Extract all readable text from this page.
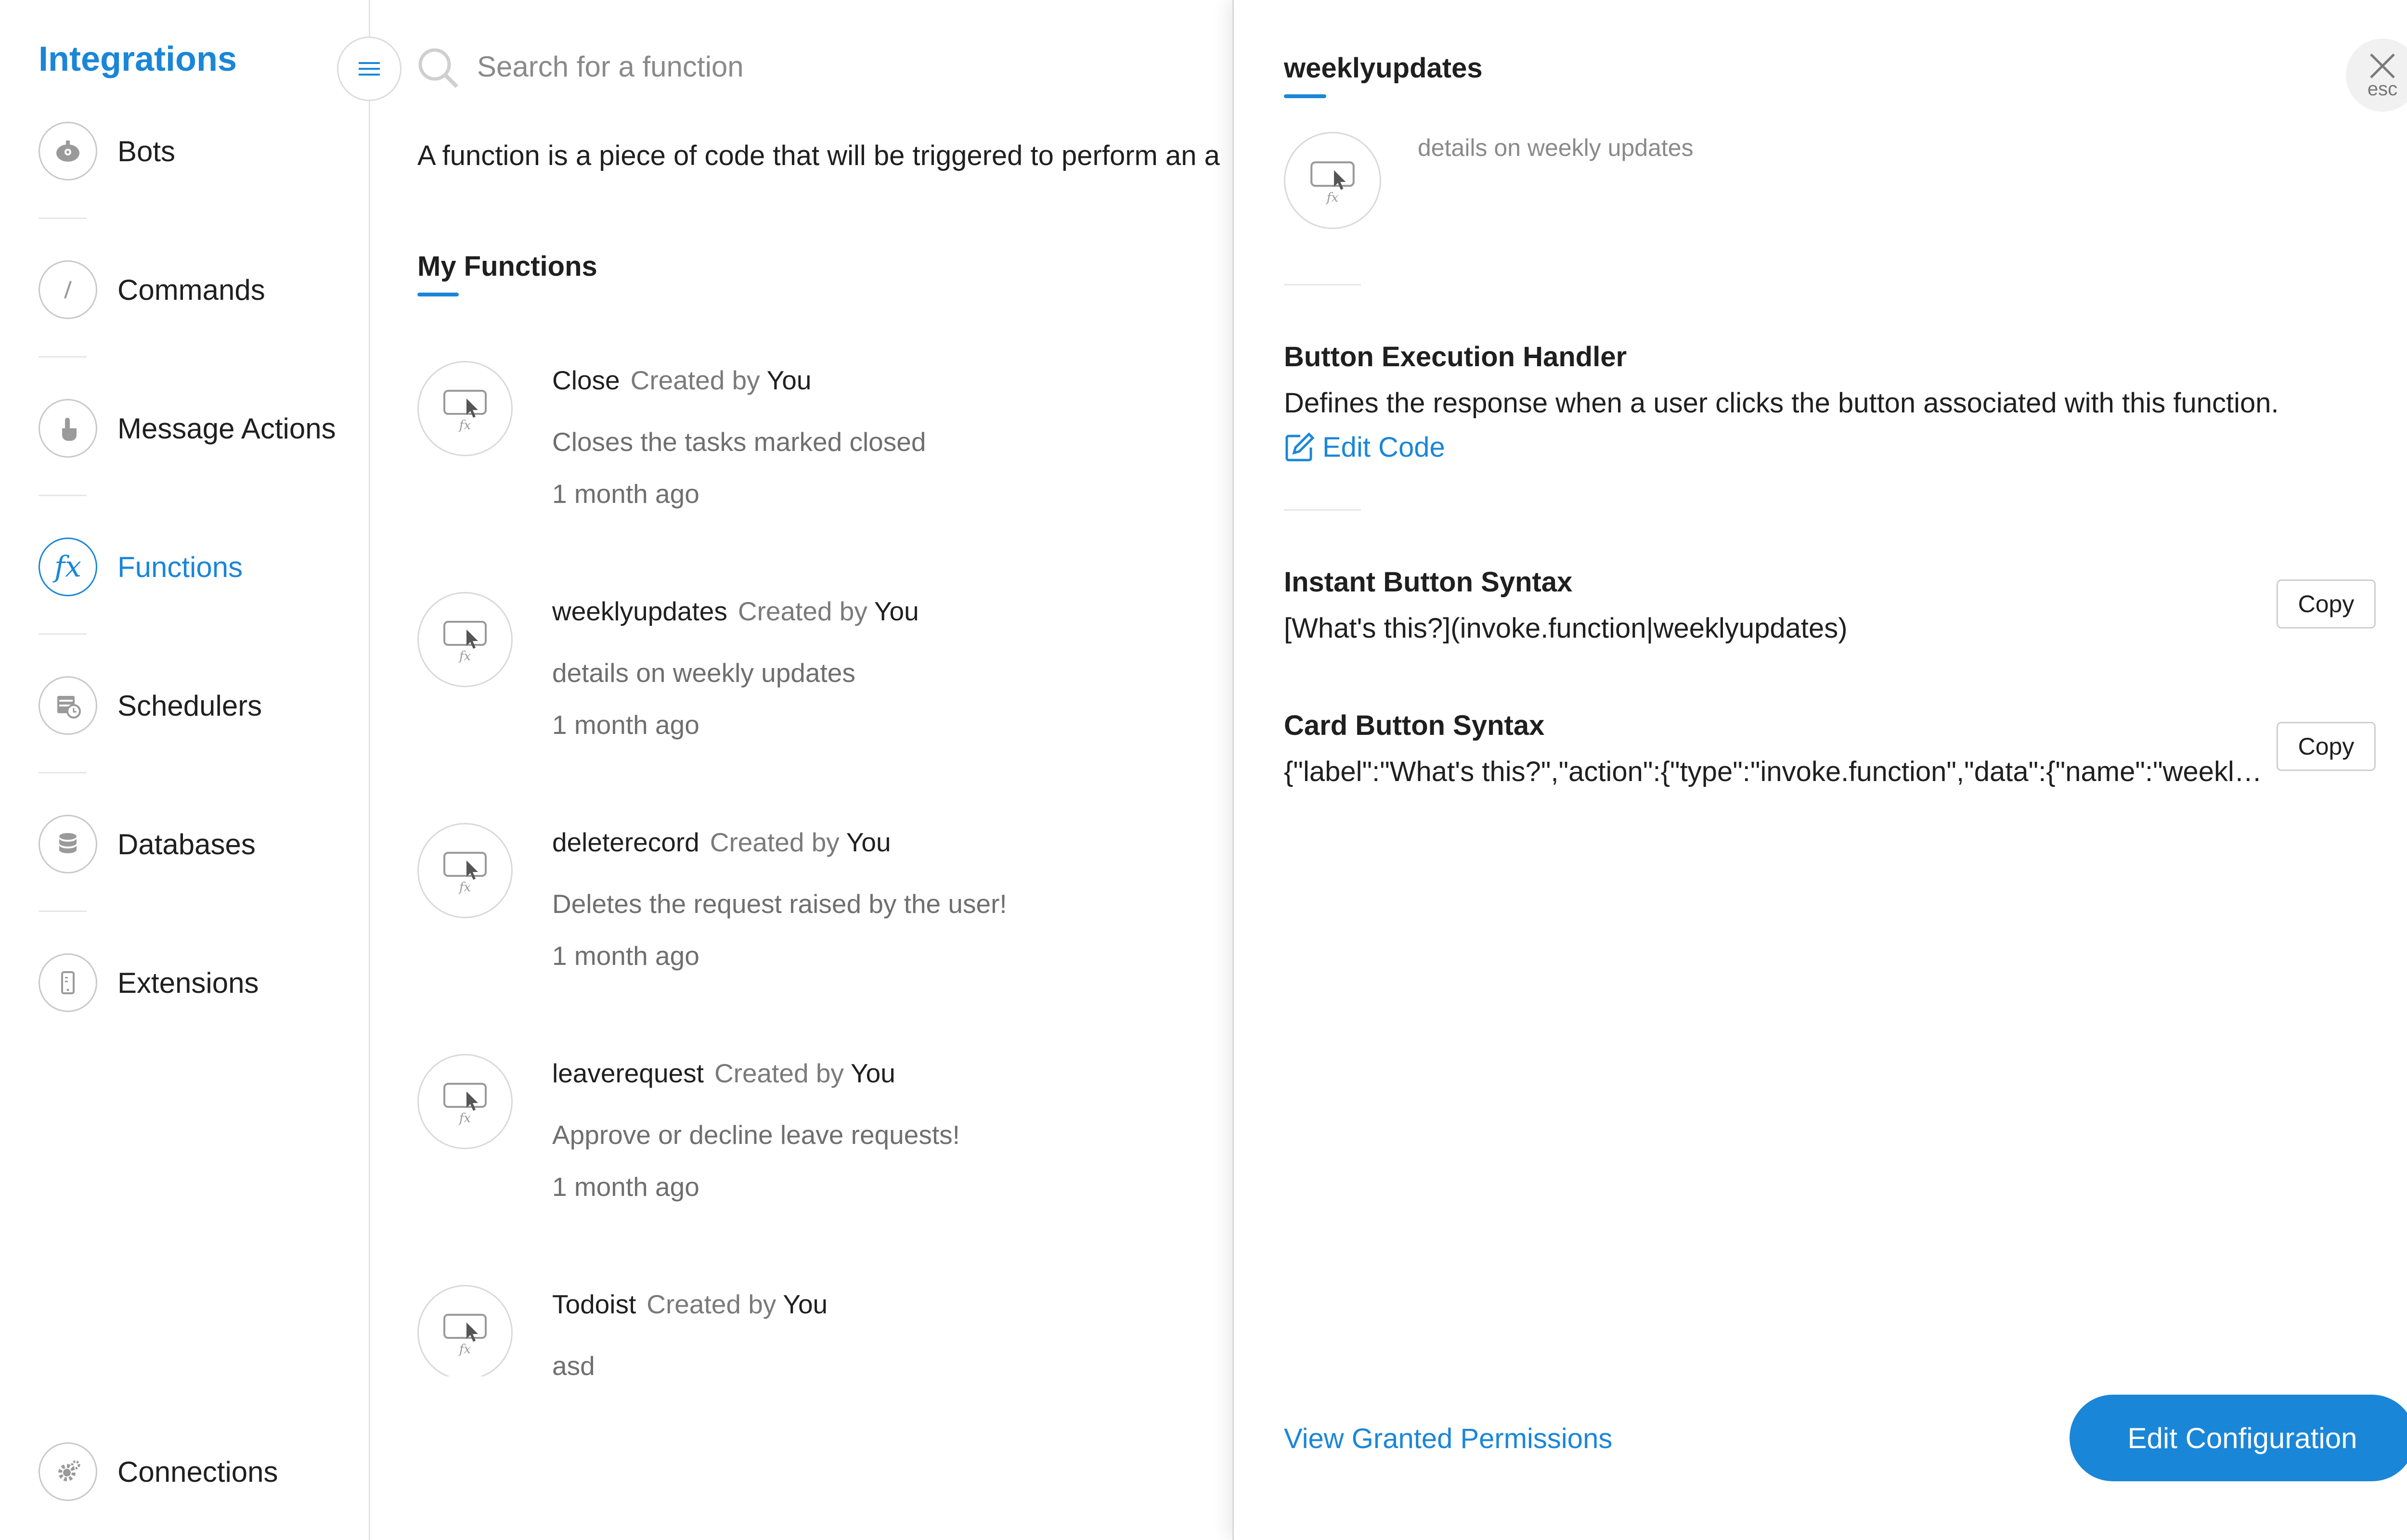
Integrations
Bots
Commands
Message Actions
fx Functions
Schedulers
Databases
Extensions
Connections
Search for a function
A function is a piece of code that will be triggered to perform an a
My Functions
fx
Close Created by You
Closes the tasks marked closed
1 month ago
fx
weeklyupdates Created by You
details on weekly updates
1 month ago
fx
deleterecord Created by You
Deletes the request raised by the user!
1 month ago
fx
leaverequest Created by You
Approve or decline leave requests!
1 month ago
fx
Todoist Created by You
asd
weeklyupdates
esc
fx
details on weekly updates
Button Execution Handler
Defines the response when a user clicks the button associated with this function.
Edit Code
Instant Button Syntax
[What's this?](invoke.function|weeklyupdates)
Copy
Card Button Syntax
{"label":"What's this?","action":{"type":"invoke.function","data":{"name":"weekl…
Copy
View Granted Permissions	Edit Configuration
